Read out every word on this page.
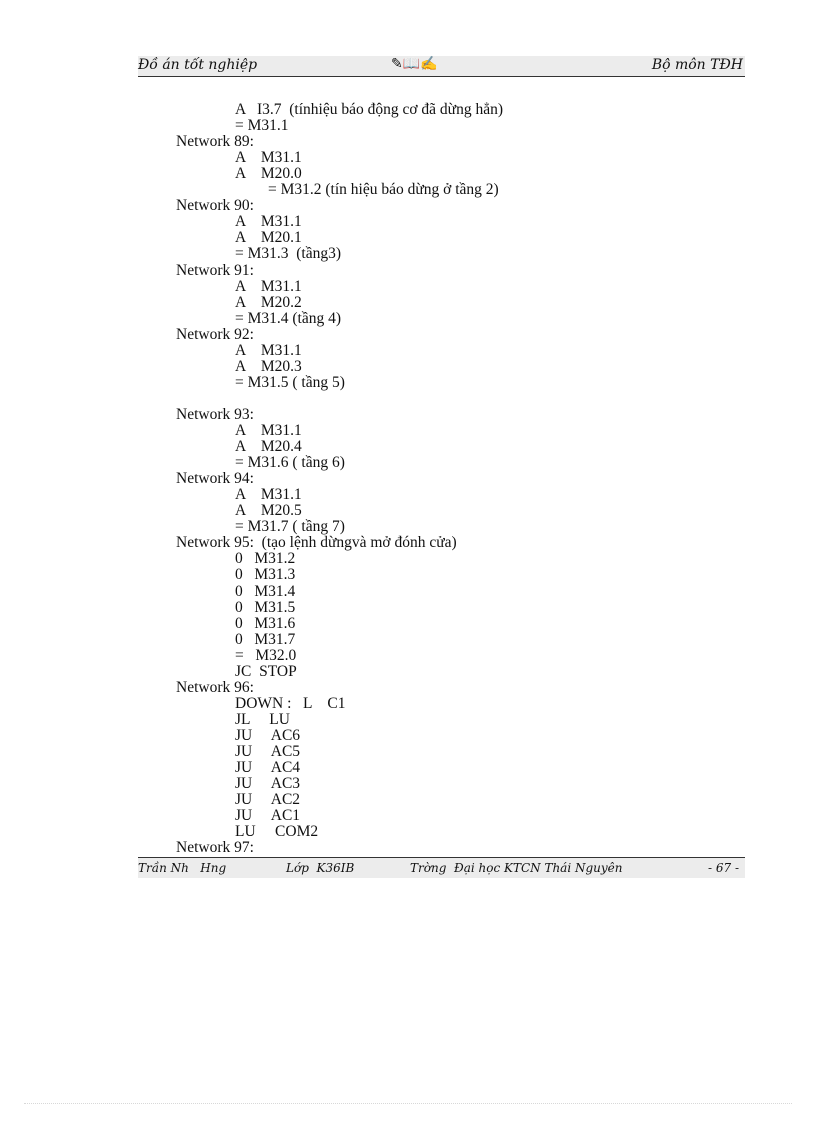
Đồ án tốt nghiệp	✎📖✍	Bộ môn TĐH
A   I3.7  (tínhiệu báo động cơ đã dừng hẳn)
= M31.1
Network 89:
A    M31.1
A    M20.0
= M31.2 (tín hiệu báo dừng ở tầng 2)
Network 90:
A    M31.1
A    M20.1
= M31.3  (tầng3)
Network 91:
A    M31.1
A    M20.2
= M31.4 (tầng 4)
Network 92:
A    M31.1
A    M20.3
= M31.5 ( tầng 5)
Network 93:
A    M31.1
A    M20.4
= M31.6 ( tầng 6)
Network 94:
A    M31.1
A    M20.5
= M31.7 ( tầng 7)
Network 95:  (tạo lệnh dừngvà mở đónh cửa)
0   M31.2
0   M31.3
0   M31.4
0   M31.5
0   M31.6
0   M31.7
=   M32.0
JC  STOP
Network 96:
DOWN :   L    C1
JL     LU
JU     AC6
JU     AC5
JU     AC4
JU     AC3
JU     AC2
JU     AC1
LU     COM2
Network 97:
Trần Nh   Hng	Lớp  K36IB	Trờng  Đại học KTCN Thái Nguyên	- 67 -
